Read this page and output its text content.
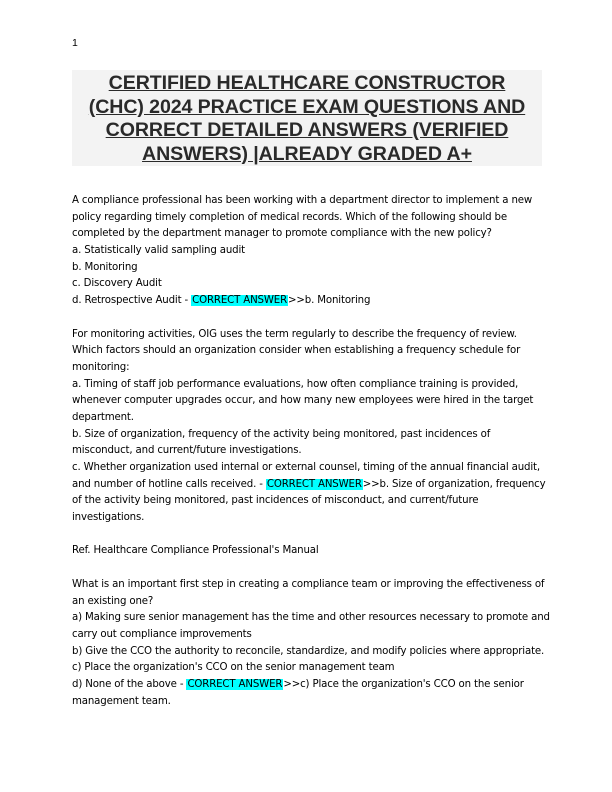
1
CERTIFIED HEALTHCARE CONSTRUCTOR
(CHC) 2024 PRACTICE EXAM QUESTIONS AND
CORRECT DETAILED ANSWERS (VERIFIED
ANSWERS) |ALREADY GRADED A+
A compliance professional has been working with a department director to implement a new
policy regarding timely completion of medical records. Which of the following should be
completed by the department manager to promote compliance with the new policy?
a. Statistically valid sampling audit
b. Monitoring
c. Discovery Audit
d. Retrospective Audit - CORRECT ANSWER>>b. Monitoring
For monitoring activities, OIG uses the term regularly to describe the frequency of review.
Which factors should an organization consider when establishing a frequency schedule for
monitoring:
a. Timing of staff job performance evaluations, how often compliance training is provided,
whenever computer upgrades occur, and how many new employees were hired in the target
department.
b. Size of organization, frequency of the activity being monitored, past incidences of
misconduct, and current/future investigations.
c. Whether organization used internal or external counsel, timing of the annual financial audit,
and number of hotline calls received. - CORRECT ANSWER>>b. Size of organization, frequency
of the activity being monitored, past incidences of misconduct, and current/future
investigations.
Ref. Healthcare Compliance Professional's Manual
What is an important first step in creating a compliance team or improving the effectiveness of
an existing one?
a) Making sure senior management has the time and other resources necessary to promote and
carry out compliance improvements
b) Give the CCO the authority to reconcile, standardize, and modify policies where appropriate.
c) Place the organization's CCO on the senior management team
d) None of the above - CORRECT ANSWER>>c) Place the organization's CCO on the senior
management team.
